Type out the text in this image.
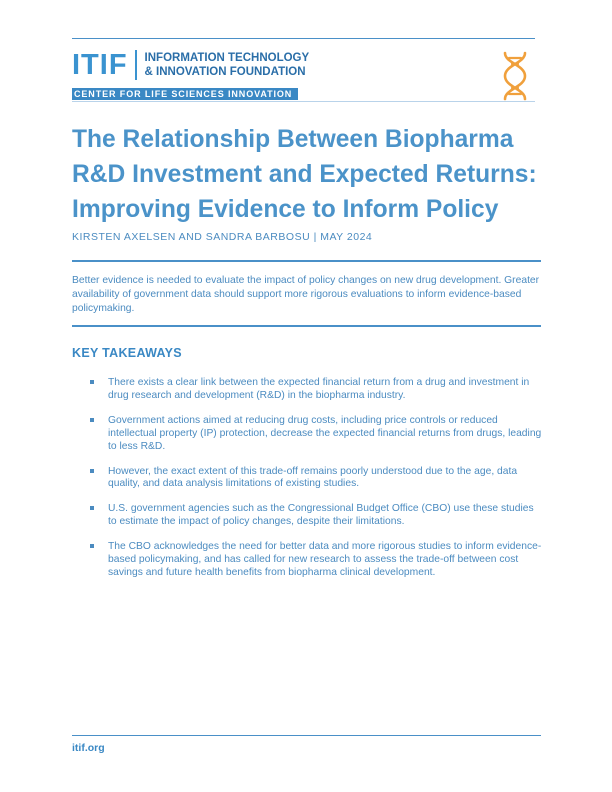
ITIF INFORMATION TECHNOLOGY
& INNOVATION FOUNDATION
CENTER FOR LIFE SCIENCES INNOVATION
The Relationship Between Biopharma R&D Investment and Expected Returns: Improving Evidence to Inform Policy
KIRSTEN AXELSEN AND SANDRA BARBOSU | MAY 2024

Better evidence is needed to evaluate the impact of policy changes on new drug development. Greater availability of government data should support more rigorous evaluations to inform evidence-based policymaking.

KEY TAKEAWAYS
There exists a clear link between the expected financial return from a drug and investment in drug research and development (R&D) in the biopharma industry.
Government actions aimed at reducing drug costs, including price controls or reduced intellectual property (IP) protection, decrease the expected financial returns from drugs, leading to less R&D.
However, the exact extent of this trade-off remains poorly understood due to the age, data quality, and data analysis limitations of existing studies.
U.S. government agencies such as the Congressional Budget Office (CBO) use these studies to estimate the impact of policy changes, despite their limitations.
The CBO acknowledges the need for better data and more rigorous studies to inform evidence-based policymaking, and has called for new research to assess the trade-off between cost savings and future health benefits from biopharma clinical development.
itif.org
